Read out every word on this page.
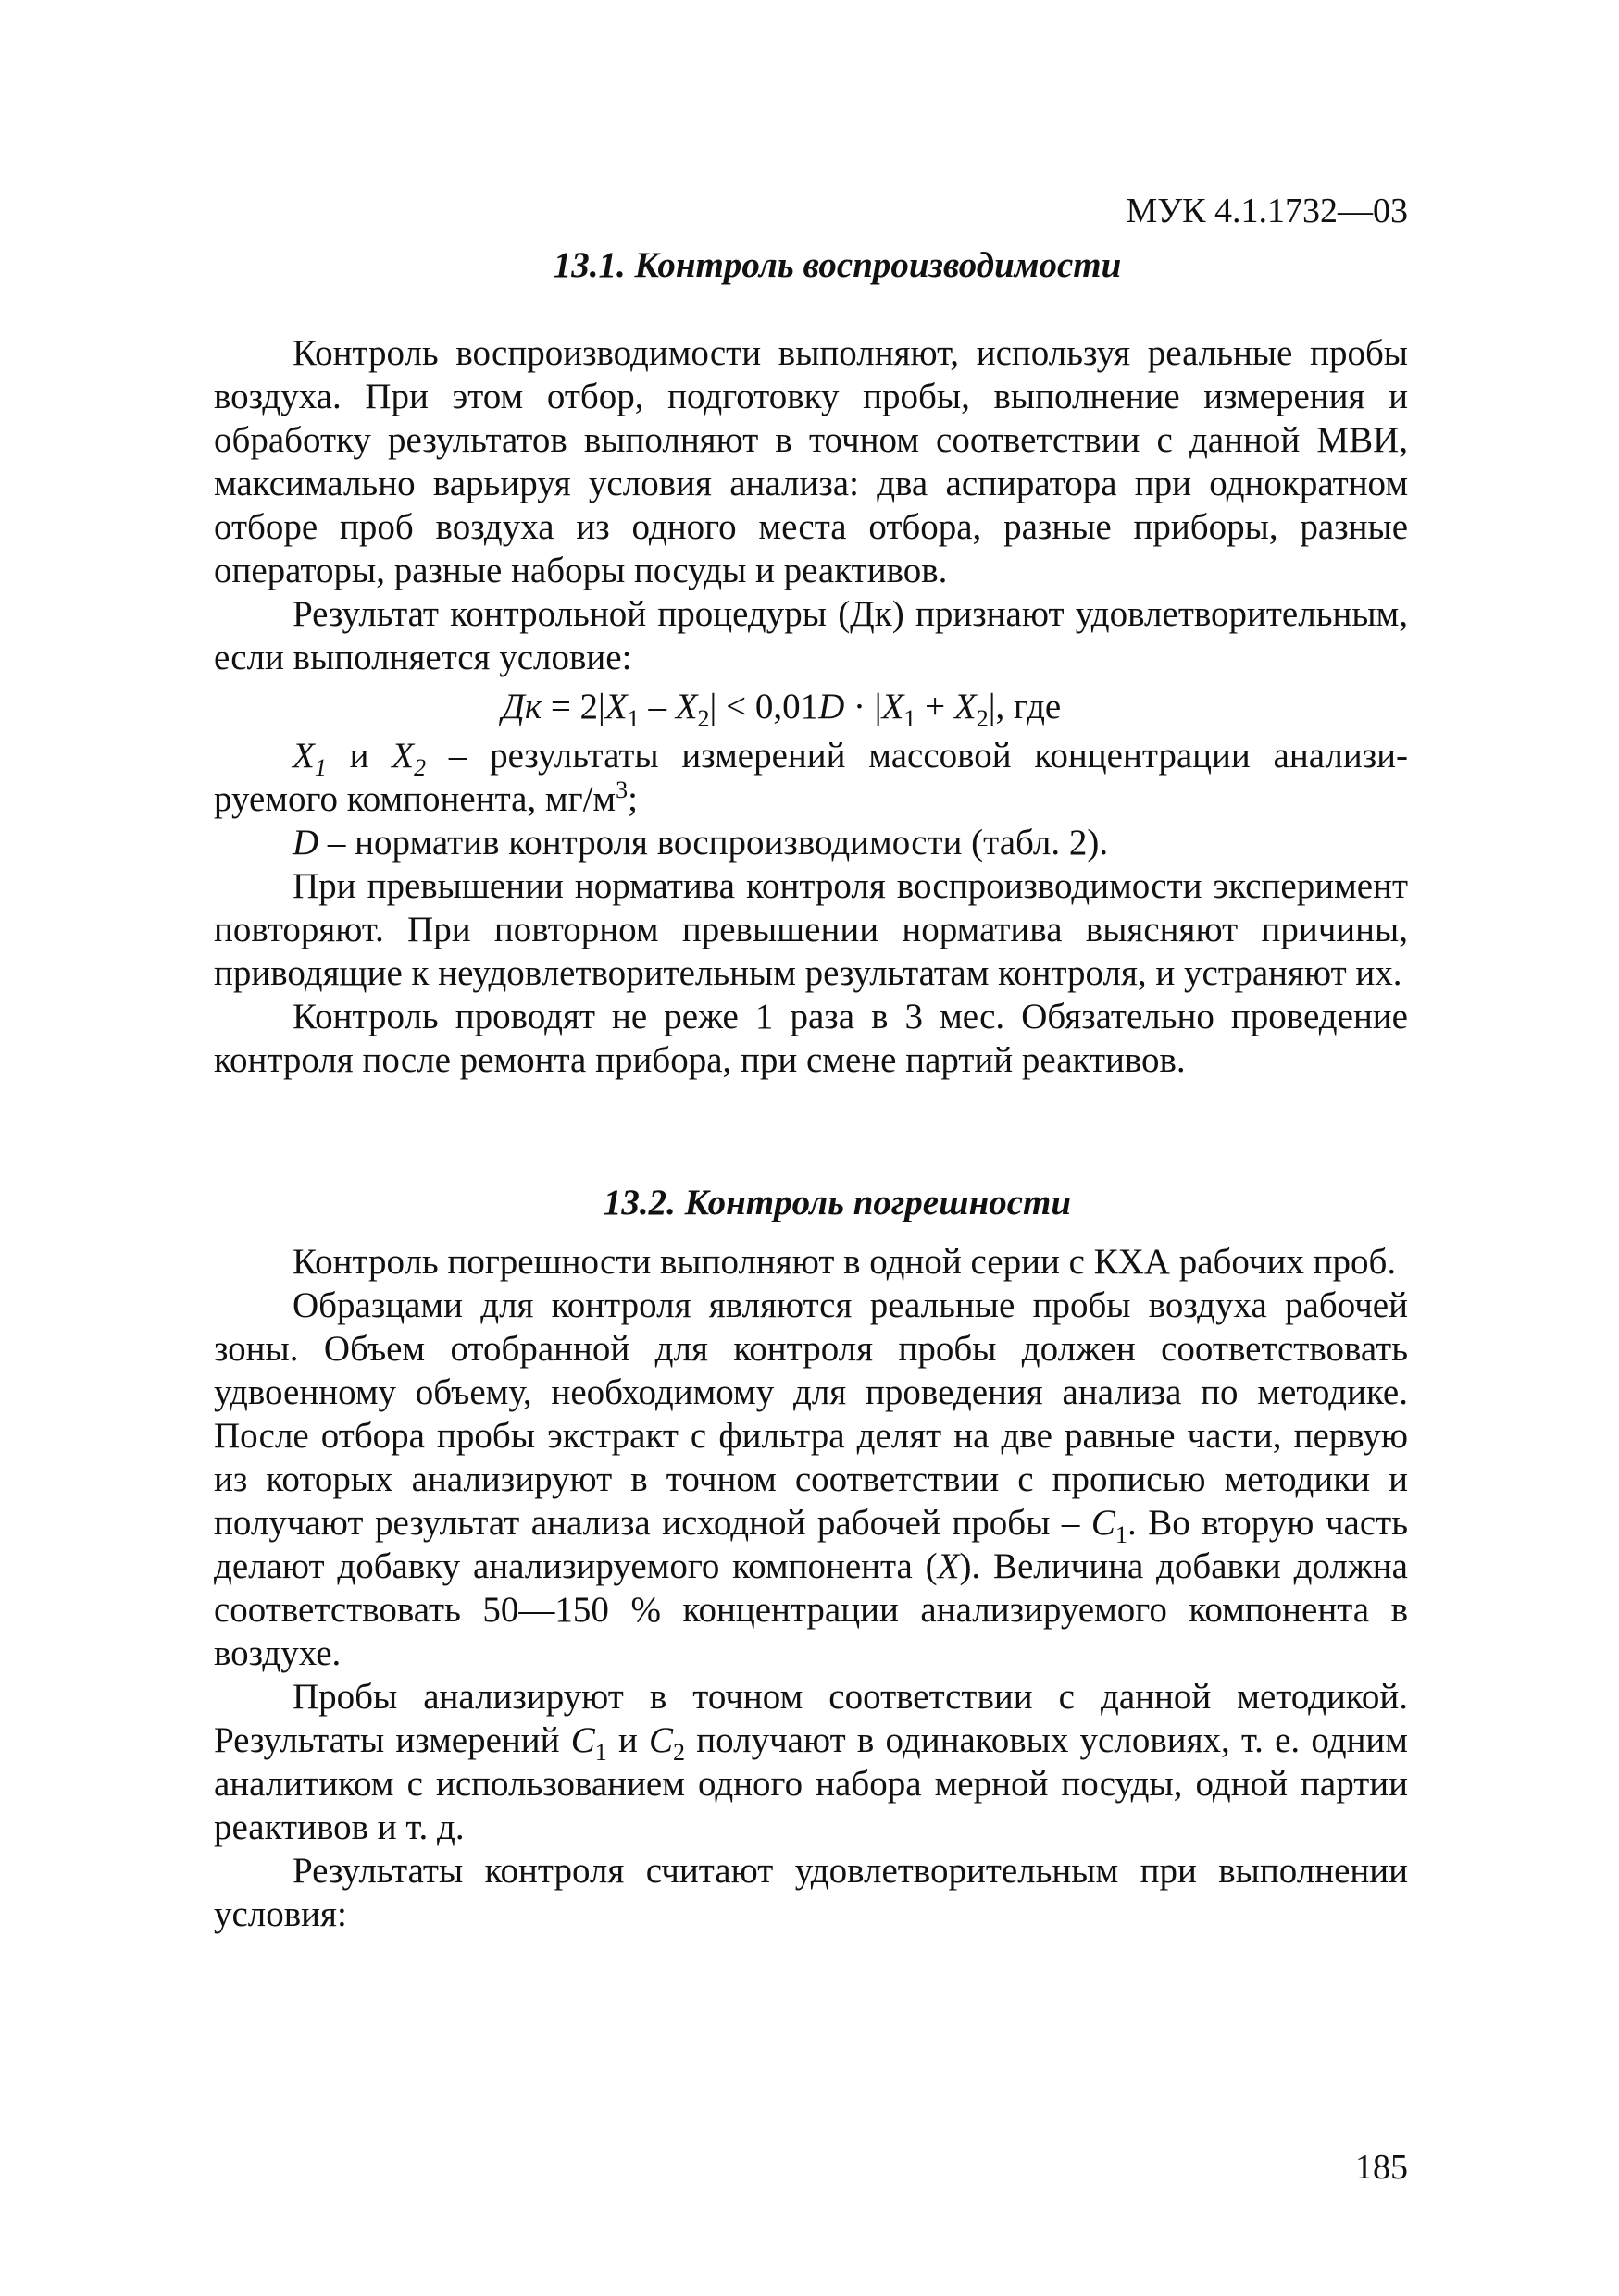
МУК 4.1.1732—03
13.1. Контроль воспроизводимости

Контроль воспроизводимости выполняют, используя реальные пробы воздуха. При этом отбор, подготовку пробы, выполнение измерения и обработку результатов выполняют в точном соответствии с данной МВИ, максимально варьируя условия анализа: два аспиратора при однократном отборе проб воздуха из одного места отбора, разные приборы, разные операторы, разные наборы посуды и реактивов.

Результат контрольной процедуры (Дк) признают удовлетворительным, если выполняется условие:

Дк = $2|X_1 - X_2| < 0,01D \cdot |X_1 + X_2|$, где

$X_1$ и $X_2$ – результаты измерений массовой концентрации анализируемого компонента, $мг/м^3$;

D – норматив контроля воспроизводимости (табл. 2).

При превышении норматива контроля воспроизводимости эксперимент повторяют. При повторном превышении норматива выясняют причины, приводящие к неудовлетворительным результатам контроля, и устраняют их.

Контроль проводят не реже 1 раза в 3 мес. Обязательно проведение контроля после ремонта прибора, при смене партий реактивов.

13.2. Контроль погрешности

Контроль погрешности выполняют в одной серии с КХА рабочих проб.

Образцами для контроля являются реальные пробы воздуха рабочей зоны. Объем отобранной для контроля пробы должен соответствовать удвоенному объему, необходимому для проведения анализа по методике. После отбора пробы экстракт с фильтра делят на две равные части, первую из которых анализируют в точном соответствии с прописью методики и получают результат анализа исходной рабочей пробы – $C_1$. Во вторую часть делают добавку анализируемого компонента (X). Величина добавки должна соответствовать 50—150 % концентрации анализируемого компонента в воздухе.

Пробы анализируют в точном соответствии с данной методикой. Результаты измерений $C_1$ и $C_2$ получают в одинаковых условиях, т. е. одним аналитиком с использованием одного набора мерной посуды, одной партии реактивов и т. д.

Результаты контроля считают удовлетворительным при выполнении условия:

185
